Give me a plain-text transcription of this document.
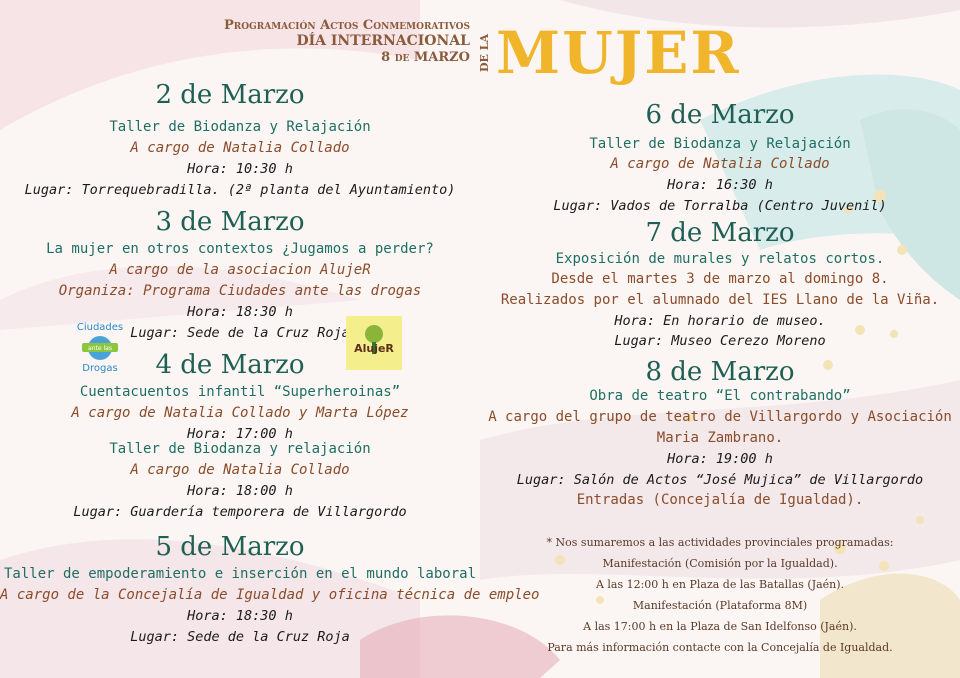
Programación Actos Conmemorativos
DÍA INTERNACIONAL
8 de MARZO DE LA MUJER
2 de Marzo
Taller de Biodanza y Relajación
A cargo de Natalia Collado
Hora: 10:30 h
Lugar: Torrequebradilla. (2ª planta del Ayuntamiento)
3 de Marzo
La mujer en otros contextos ¿Jugamos a perder?
A cargo de la asociacion AlujeR
Organiza: Programa Ciudades ante las drogas
Hora: 18:30 h
Lugar: Sede de la Cruz Roja
Ciudades
ante las
Drogas
AlujeR
4 de Marzo
Cuentacuentos infantil “Superheroinas”
A cargo de Natalia Collado y Marta López
Hora: 17:00 h
Taller de Biodanza y relajación
A cargo de Natalia Collado
Hora: 18:00 h
Lugar: Guardería temporera de Villargordo
5 de Marzo
Taller de empoderamiento e inserción en el mundo laboral
A cargo de la Concejalía de Igualdad y oficina técnica de empleo
Hora: 18:30 h
Lugar: Sede de la Cruz Roja
6 de Marzo
Taller de Biodanza y Relajación
A cargo de Natalia Collado
Hora: 16:30 h
Lugar: Vados de Torralba (Centro Juvenil)
7 de Marzo
Exposición de murales y relatos cortos.
Desde el martes 3 de marzo al domingo 8.
Realizados por el alumnado del IES Llano de la Viña.
Hora: En horario de museo.
Lugar: Museo Cerezo Moreno
8 de Marzo
Obra de teatro “El contrabando”
A cargo del grupo de teatro de Villargordo y Asociación
Maria Zambrano.
Hora: 19:00 h
Lugar: Salón de Actos “José Mujica” de Villargordo
Entradas (Concejalía de Igualdad).
* Nos sumaremos a las actividades provinciales programadas:
Manifestación (Comisión por la Igualdad).
A las 12:00 h en Plaza de las Batallas (Jaén).
Manifestación (Plataforma 8M)
A las 17:00 h en la Plaza de San Idelfonso (Jaén).
Para más información contacte con la Concejalía de Igualdad.
